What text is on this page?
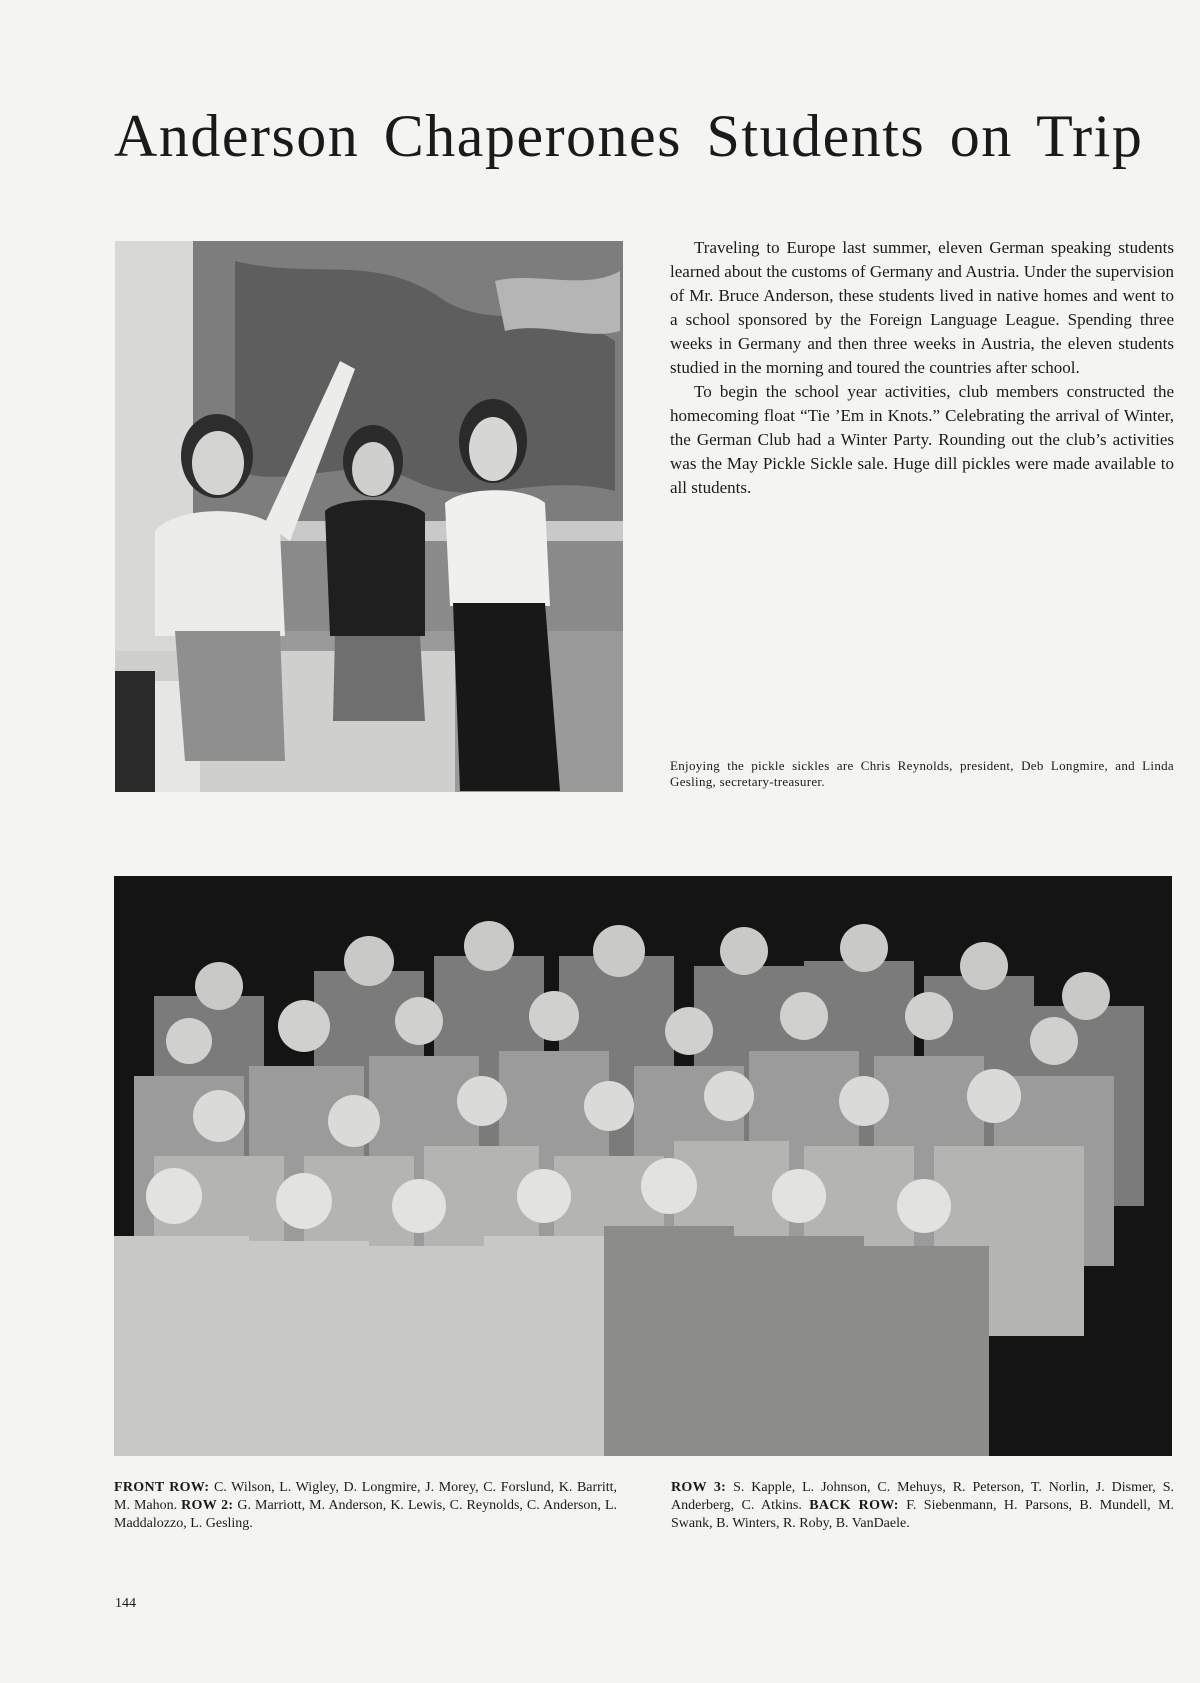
Anderson Chaperones Students on Trip

Traveling to Europe last summer, eleven German speaking students learned about the customs of Germany and Austria. Under the supervision of Mr. Bruce Anderson, these students lived in native homes and went to a school sponsored by the Foreign Language League. Spending three weeks in Germany and then three weeks in Austria, the eleven students studied in the morning and toured the countries after school.

To begin the school year activities, club members constructed the homecoming float “Tie ’Em in Knots.” Celebrating the arrival of Winter, the German Club had a Winter Party. Rounding out the club’s activities was the May Pickle Sickle sale. Huge dill pickles were made available to all students.

Enjoying the pickle sickles are Chris Reynolds, president, Deb Longmire, and Linda Gesling, secretary-treasurer.
FRONT ROW: C. Wilson, L. Wigley, D. Longmire, J. Morey, C. Forslund, K. Barritt, M. Mahon. ROW 2: G. Marriott, M. Anderson, K. Lewis, C. Reynolds, C. Anderson, L. Maddalozzo, L. Gesling.
ROW 3: S. Kapple, L. Johnson, C. Mehuys, R. Peterson, T. Norlin, J. Dismer, S. Anderberg, C. Atkins. BACK ROW: F. Siebenmann, H. Parsons, B. Mundell, M. Swank, B. Winters, R. Roby, B. VanDaele.
144
